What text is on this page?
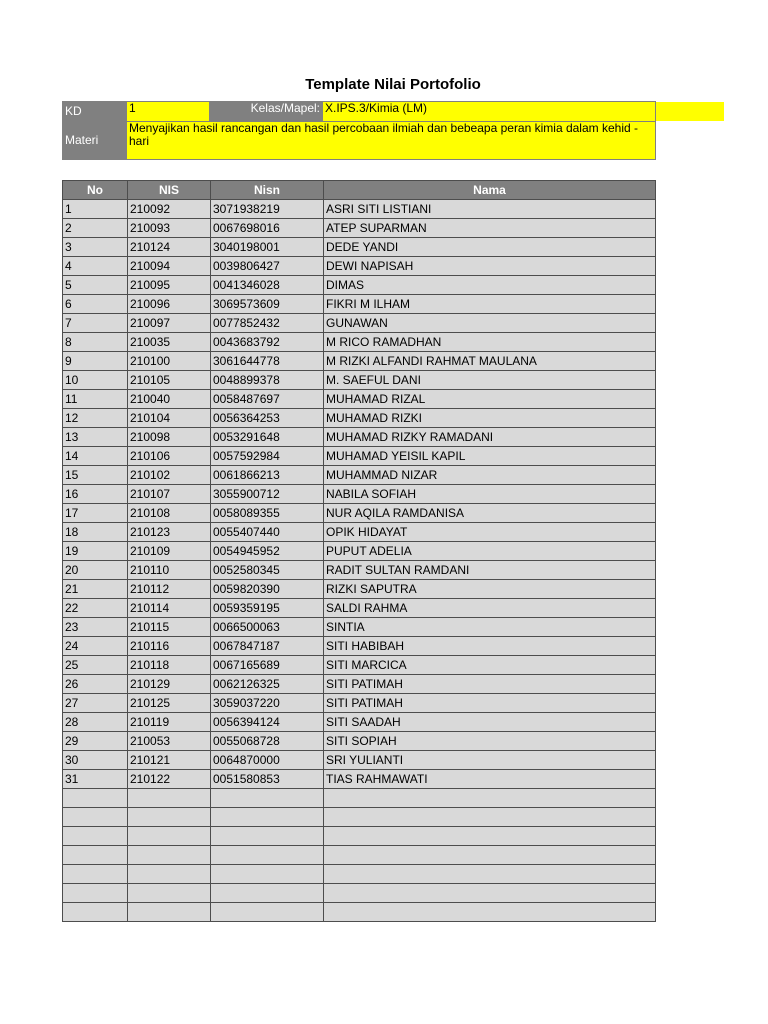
Template Nilai Portofolio
KD	1	Kelas/Mapel:	X.IPS.3/Kimia (LM)
Materi	Menyajikan hasil rancangan dan hasil percobaan ilmiah dan bebeapa peran kimia dalam kehid - hari		
No	NIS	Nisn	Nama
1	210092	3071938219	ASRI SITI LISTIANI
2	210093	0067698016	ATEP SUPARMAN
3	210124	3040198001	DEDE YANDI
4	210094	0039806427	DEWI NAPISAH
5	210095	0041346028	DIMAS
6	210096	3069573609	FIKRI M ILHAM
7	210097	0077852432	GUNAWAN
8	210035	0043683792	M RICO RAMADHAN
9	210100	3061644778	M RIZKI ALFANDI RAHMAT MAULANA
10	210105	0048899378	M. SAEFUL DANI
11	210040	0058487697	MUHAMAD RIZAL
12	210104	0056364253	MUHAMAD RIZKI
13	210098	0053291648	MUHAMAD RIZKY RAMADANI
14	210106	0057592984	MUHAMAD YEISIL KAPIL
15	210102	0061866213	MUHAMMAD NIZAR
16	210107	3055900712	NABILA SOFIAH
17	210108	0058089355	NUR AQILA RAMDANISA
18	210123	0055407440	OPIK HIDAYAT
19	210109	0054945952	PUPUT ADELIA
20	210110	0052580345	RADIT SULTAN RAMDANI
21	210112	0059820390	RIZKI SAPUTRA
22	210114	0059359195	SALDI RAHMA
23	210115	0066500063	SINTIA
24	210116	0067847187	SITI HABIBAH
25	210118	0067165689	SITI MARCICA
26	210129	0062126325	SITI PATIMAH
27	210125	3059037220	SITI PATIMAH
28	210119	0056394124	SITI SAADAH
29	210053	0055068728	SITI SOPIAH
30	210121	0064870000	SRI YULIANTI
31	210122	0051580853	TIAS RAHMAWATI
